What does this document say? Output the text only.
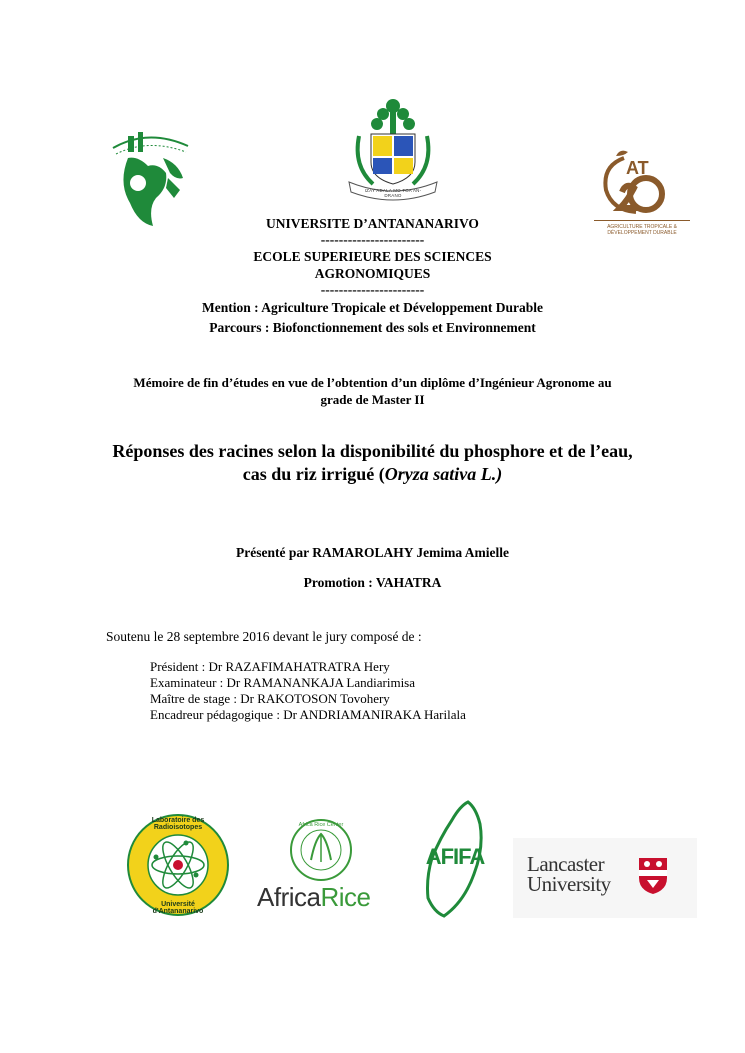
IZAY ADALA MO TOA AN-DRANO
AT
AGRICULTURE TROPICALE &
DÉVELOPPEMENT DURABLE
UNIVERSITE D’ANTANANARIVO
-----------------------
ECOLE SUPERIEURE DES SCIENCES
AGRONOMIQUES
-----------------------
Mention : Agriculture Tropicale et Développement Durable
Parcours : Biofonctionnement des sols et Environnement
Mémoire de fin d’études en vue de l’obtention d’un diplôme d’Ingénieur Agronome au
grade de Master II
Réponses des racines selon la disponibilité du phosphore et de l’eau,
cas du riz irrigué (Oryza sativa L.)
Présenté par RAMAROLAHY Jemima Amielle
Promotion : VAHATRA
Soutenu le 28 septembre 2016 devant le jury composé de :
Président : Dr RAZAFIMAHATRATRA Hery
Examinateur : Dr RAMANANKAJA Landiarimisa
Maître de stage : Dr RAKOTOSON Tovohery
Encadreur pédagogique : Dr ANDRIAMANIRAKA Harilala
Laboratoire des Radioisotopes
Université d'Antananarivo
Africa Rice Center
AfricaRice
AFIFA Lancaster
University
